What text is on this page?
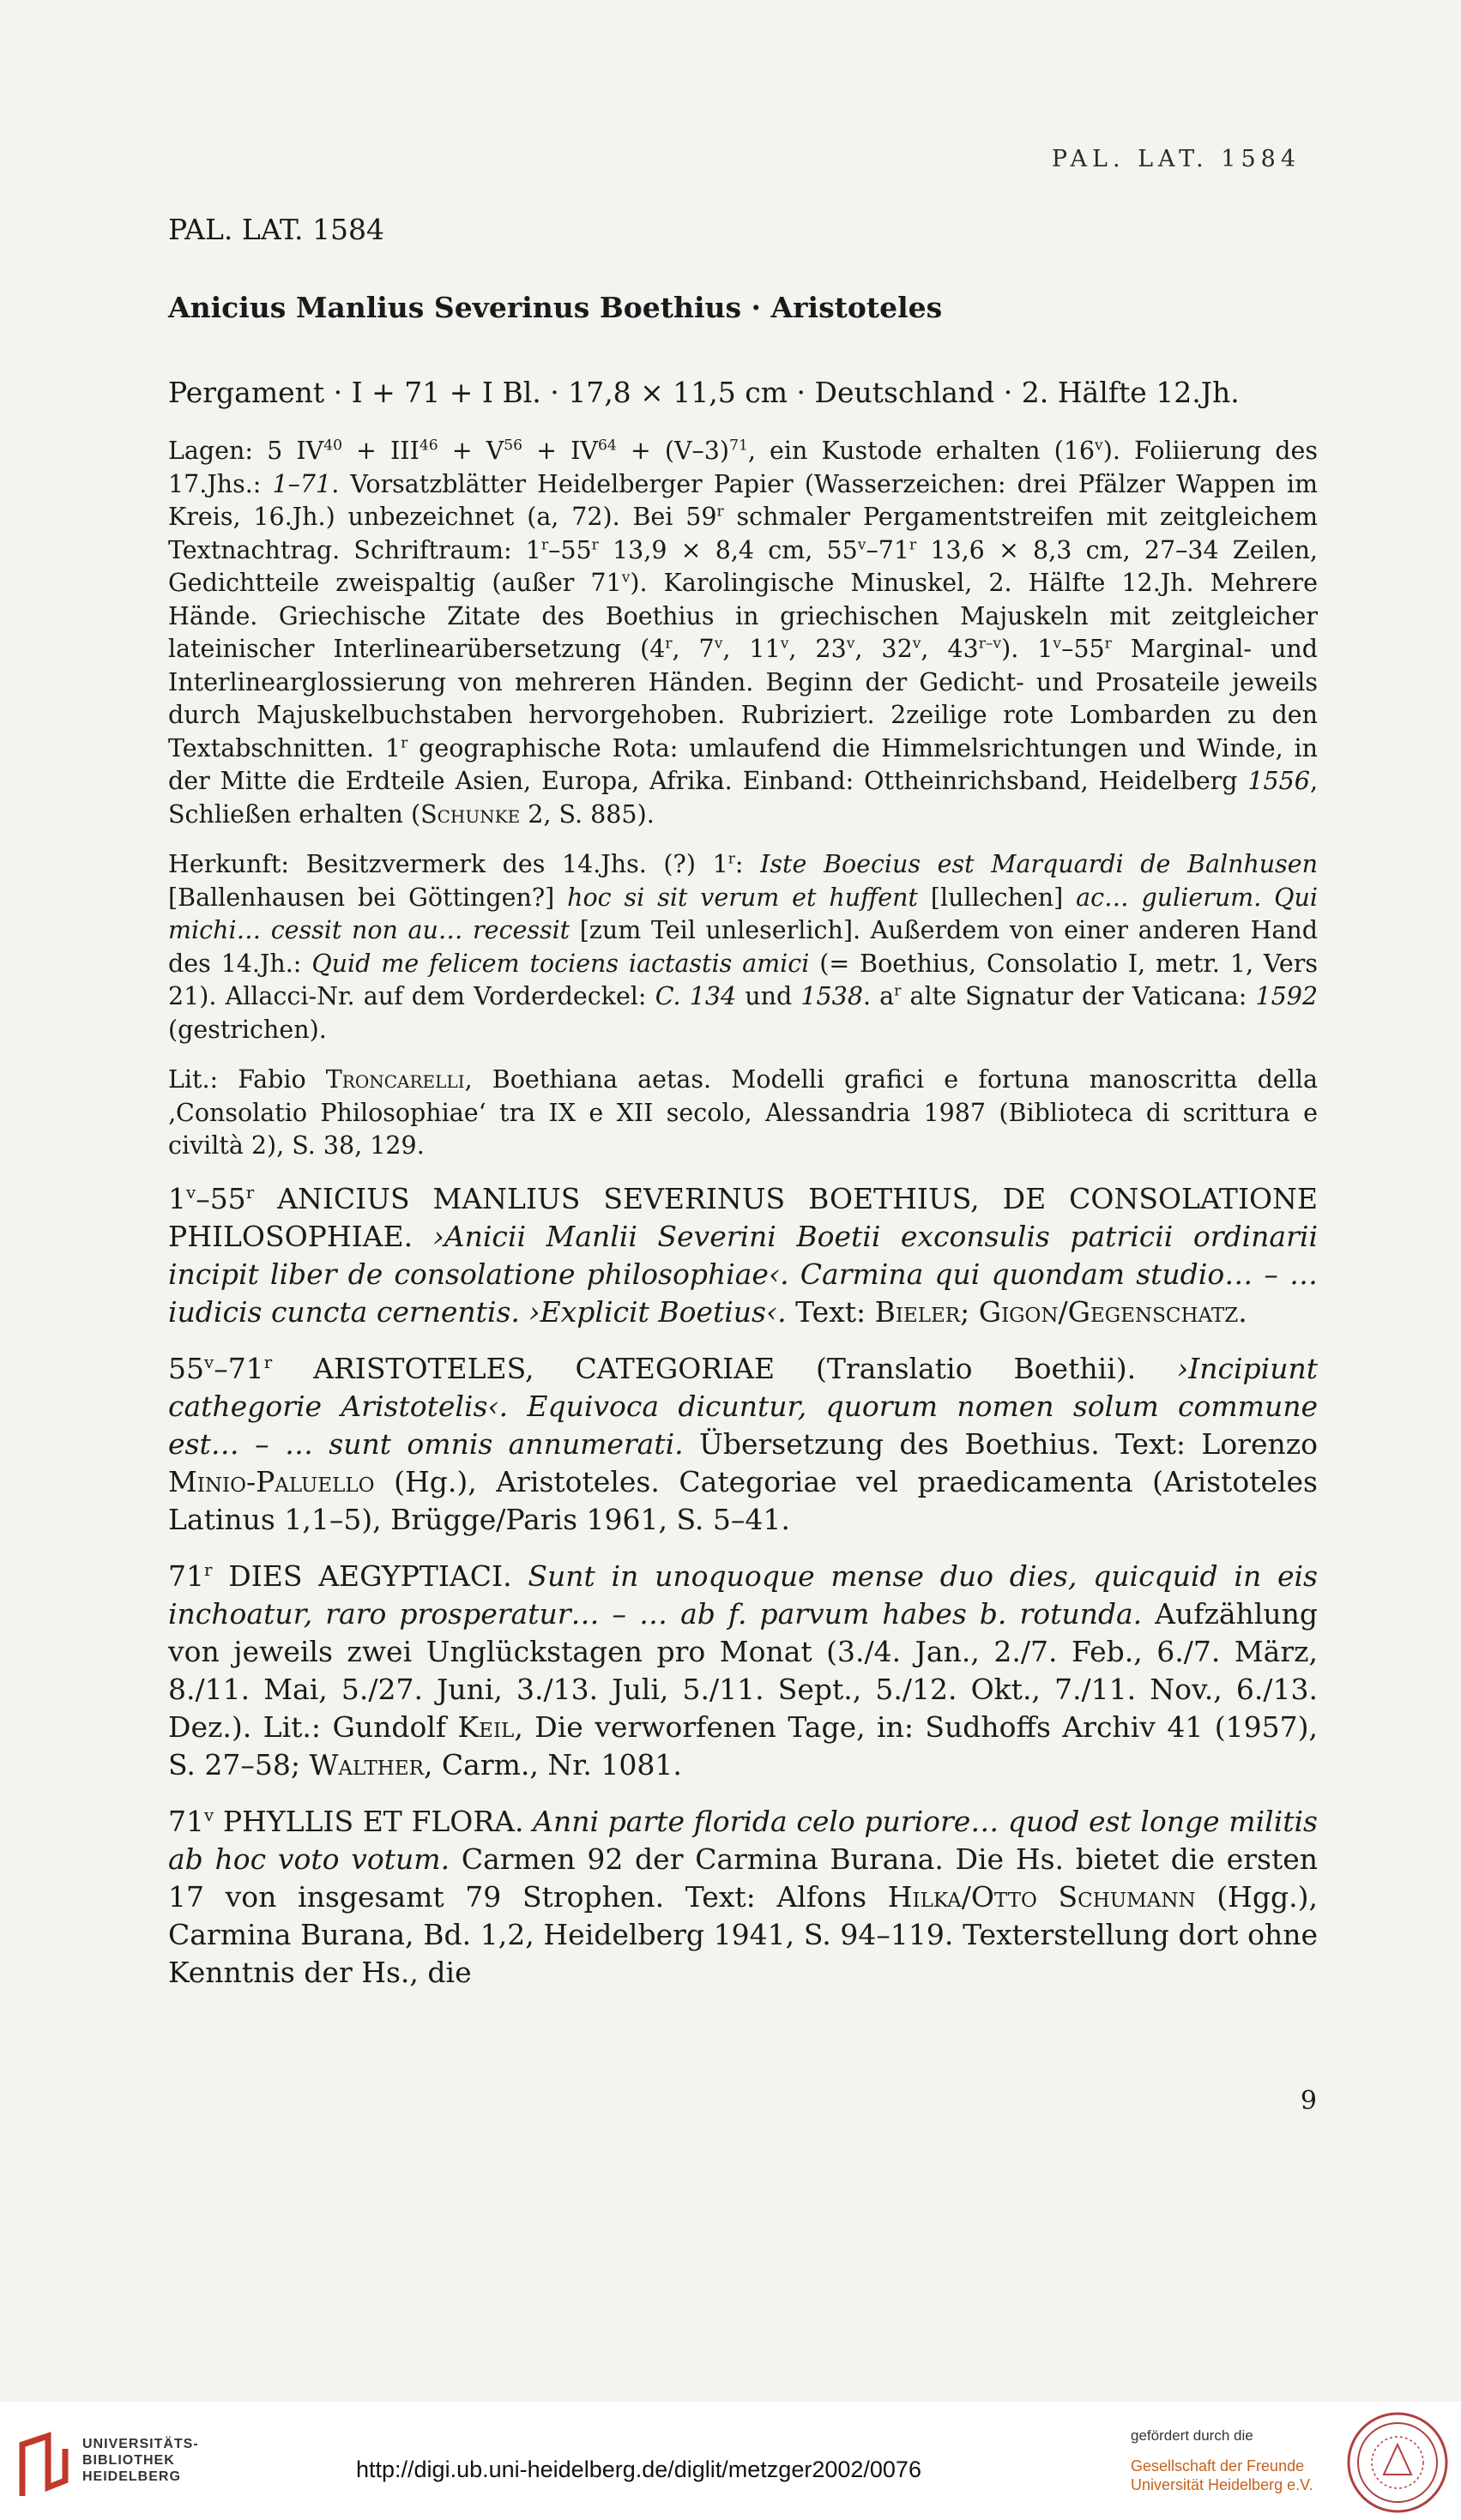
PAL. LAT. 1584
PAL. LAT. 1584
Anicius Manlius Severinus Boethius · Aristoteles
Pergament · I + 71 + I Bl. · 17,8 × 11,5 cm · Deutschland · 2. Hälfte 12.Jh.

Lagen: 5 $IV^{40} + III^{46} + V^{56} + IV^{64} + (V-3)^{71}$, ein Kustode erhalten (16$^v$). Foliierung des 17.Jhs.: 1–71. Vorsatzblätter Heidelberger Papier (Wasserzeichen: drei Pfälzer Wappen im Kreis, 16.Jh.) unbezeichnet (a, 72). Bei 59$^r$ schmaler Pergamentstreifen mit zeitgleichem Textnachtrag. Schriftraum: 1$^r$–55$^r$ 13,9 × 8,4 cm, 55$^v$–71$^r$ 13,6 × 8,3 cm, 27–34 Zeilen, Gedichtteile zweispaltig (außer 71$^v$). Karolingische Minuskel, 2. Hälfte 12.Jh. Mehrere Hände. Griechische Zitate des Boethius in griechischen Majuskeln mit zeitgleicher lateinischer Interlinearübersetzung (4$^r$, 7$^v$, 11$^v$, 23$^v$, 32$^v$, 43$^{r-v}$). 1$^v$–55$^r$ Marginal- und Interlinearglossierung von mehreren Händen. Beginn der Gedicht- und Prosateile jeweils durch Majuskelbuchstaben hervorgehoben. Rubriziert. 2zeilige rote Lombarden zu den Textabschnitten. 1$^r$ geographische Rota: umlaufend die Himmelsrichtungen und Winde, in der Mitte die Erdteile Asien, Europa, Afrika. Einband: Ottheinrichsband, Heidelberg 1556, Schließen erhalten (Schunke 2, S. 885).

Herkunft: Besitzvermerk des 14.Jhs. (?) 1$^r$: Iste Boecius est Marquardi de Balnhusen [Ballenhausen bei Göttingen?] hoc si sit verum et huffent [lullechen] ac… gulierum. Qui michi… cessit non au… recessit [zum Teil unleserlich]. Außerdem von einer anderen Hand des 14.Jh.: Quid me felicem tociens iactastis amici (= Boethius, Consolatio I, metr. 1, Vers 21). Allacci-Nr. auf dem Vorderdeckel: C. 134 und 1538. $a^r$ alte Signatur der Vaticana: 1592 (gestrichen).

Lit.: Fabio Troncarelli, Boethiana aetas. Modelli grafici e fortuna manoscritta della ‚Consolatio Philosophiae‘ tra IX e XII secolo, Alessandria 1987 (Biblioteca di scrittura e civiltà 2), S. 38, 129.

1$^v$–55$^r$ ANICIUS MANLIUS SEVERINUS BOETHIUS, DE CONSOLATIONE PHILOSOPHIAE. ›Anicii Manlii Severini Boetii exconsulis patricii ordinarii incipit liber de consolatione philosophiae‹. Carmina qui quondam studio… – … iudicis cuncta cernentis. ›Explicit Boetius‹. Text: Bieler; Gigon/Gegenschatz.

55$^v$–71$^r$ ARISTOTELES, CATEGORIAE (Translatio Boethii). ›Incipiunt cathegorie Aristotelis‹. Equivoca dicuntur, quorum nomen solum commune est… – … sunt omnis annumerati. Übersetzung des Boethius. Text: Lorenzo Minio-Paluello (Hg.), Aristoteles. Categoriae vel praedicamenta (Aristoteles Latinus 1,1–5), Brügge/Paris 1961, S. 5–41.

71$^r$ DIES AEGYPTIACI. Sunt in unoquoque mense duo dies, quicquid in eis inchoatur, raro prosperatur… – … ab f. parvum habes b. rotunda. Aufzählung von jeweils zwei Unglückstagen pro Monat (3./4. Jan., 2./7. Feb., 6./7. März, 8./11. Mai, 5./27. Juni, 3./13. Juli, 5./11. Sept., 5./12. Okt., 7./11. Nov., 6./13. Dez.). Lit.: Gundolf Keil, Die verworfenen Tage, in: Sudhoffs Archiv 41 (1957), S. 27–58; Walther, Carm., Nr. 1081.

71$^v$ PHYLLIS ET FLORA. Anni parte florida celo puriore… quod est longe militis ab hoc voto votum. Carmen 92 der Carmina Burana. Die Hs. bietet die ersten 17 von insgesamt 79 Strophen. Text: Alfons Hilka/Otto Schumann (Hgg.), Carmina Burana, Bd. 1,2, Heidelberg 1941, S. 94–119. Texterstellung dort ohne Kenntnis der Hs., die

9
UNIVERSITÄTS-
BIBLIOTHEK
HEIDELBERG	http://digi.ub.uni-heidelberg.de/diglit/metzger2002/0076
gefördert durch die
Gesellschaft der Freunde
Universität Heidelberg e.V.
